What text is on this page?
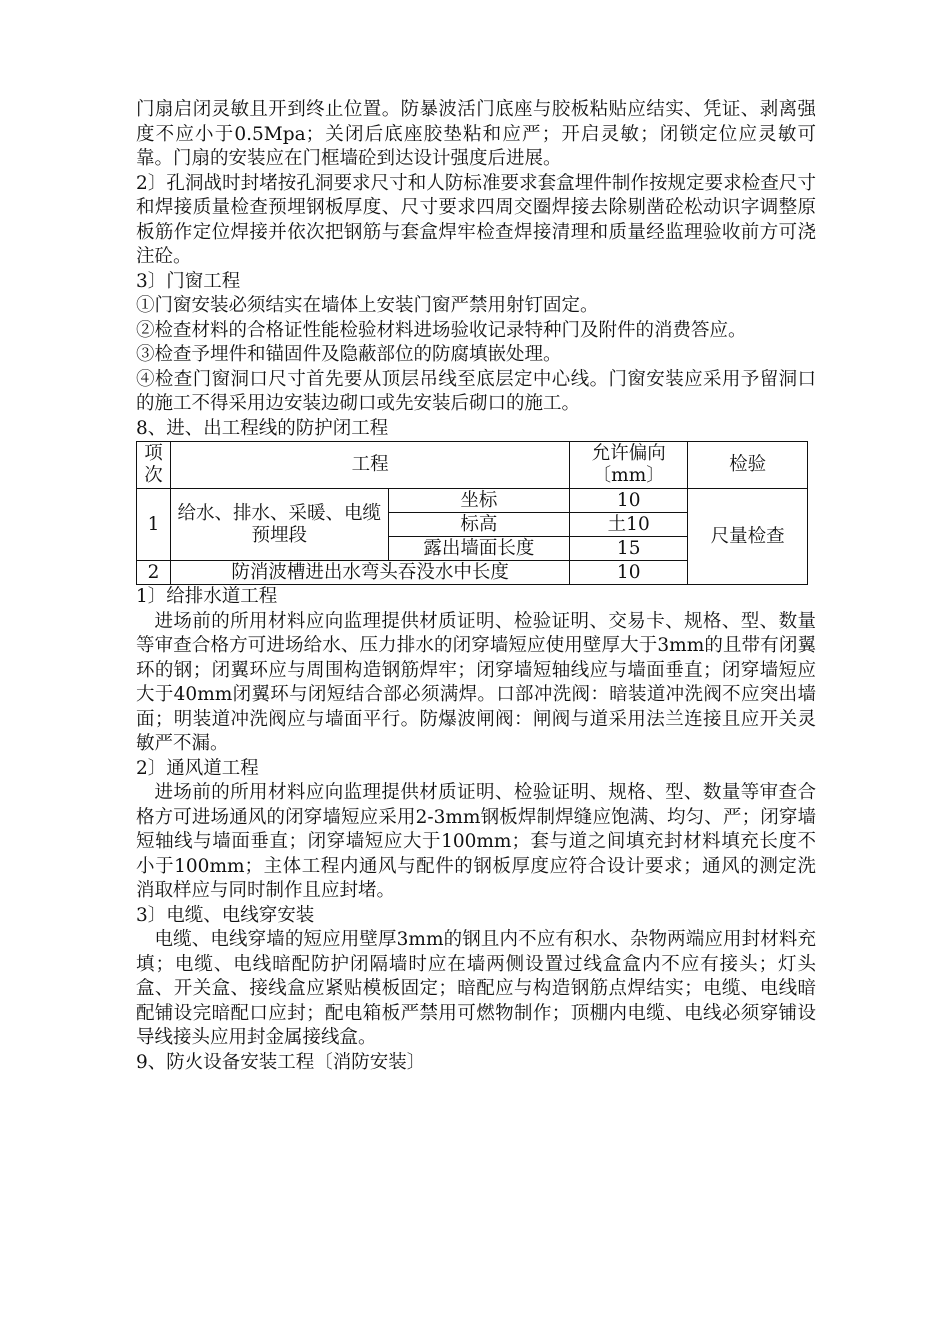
门扇启闭灵敏且开到终止位置。防暴波活门底座与胶板粘贴应结实、凭证、剥离强度不应小于0.5Mpa；关闭后底座胶垫粘和应严；开启灵敏；闭锁定位应灵敏可靠。门扇的安装应在门框墙砼到达设计强度后进展。

2〕孔洞战时封堵按孔洞要求尺寸和人防标准要求套盒埋件制作按规定要求检查尺寸和焊接质量检查预埋钢板厚度、尺寸要求四周交圈焊接去除剔凿砼松动识字调整原板筋作定位焊接并依次把钢筋与套盒焊牢检查焊接清理和质量经监理验收前方可浇注砼。

3〕门窗工程

①门窗安装必须结实在墙体上安装门窗严禁用射钉固定。

②检查材料的合格证性能检验材料进场验收记录特种门及附件的消费答应。

③检查予埋件和锚固件及隐蔽部位的防腐填嵌处理。

④检查门窗洞口尺寸首先要从顶层吊线至底层定中心线。门窗安装应采用予留洞口的施工不得采用边安装边砌口或先安装后砌口的施工。

8、进、出工程线的防护闭工程

项次	工程		允许偏向〔mm〕	检验
1	给水、排水、采暖、电缆预埋段	坐标	10	尺量检查
		标高	土10	
		露出墙面长度	15	
2	防消波槽进出水弯头吞没水中长度		10	

1〕给排水道工程

进场前的所用材料应向监理提供材质证明、检验证明、交易卡、规格、型、数量等审查合格方可进场给水、压力排水的闭穿墙短应使用壁厚大于3mm的且带有闭翼环的钢；闭翼环应与周围构造钢筋焊牢；闭穿墙短轴线应与墙面垂直；闭穿墙短应大于40mm闭翼环与闭短结合部必须满焊。口部冲洗阀：暗装道冲洗阀不应突出墙面；明装道冲洗阀应与墙面平行。防爆波闸阀：闸阀与道采用法兰连接且应开关灵敏严不漏。

2〕通风道工程

进场前的所用材料应向监理提供材质证明、检验证明、规格、型、数量等审查合格方可进场通风的闭穿墙短应采用2-3mm钢板焊制焊缝应饱满、均匀、严；闭穿墙短轴线与墙面垂直；闭穿墙短应大于100mm；套与道之间填充封材料填充长度不小于100mm；主体工程内通风与配件的钢板厚度应符合设计要求；通风的测定洗消取样应与同时制作且应封堵。

3〕电缆、电线穿安装

电缆、电线穿墙的短应用壁厚3mm的钢且内不应有积水、杂物两端应用封材料充填；电缆、电线暗配防护闭隔墙时应在墙两侧设置过线盒盒内不应有接头；灯头盒、开关盒、接线盒应紧贴模板固定；暗配应与构造钢筋点焊结实；电缆、电线暗配铺设完暗配口应封；配电箱板严禁用可燃物制作；顶棚内电缆、电线必须穿铺设导线接头应用封金属接线盒。

9、防火设备安装工程〔消防安装〕
